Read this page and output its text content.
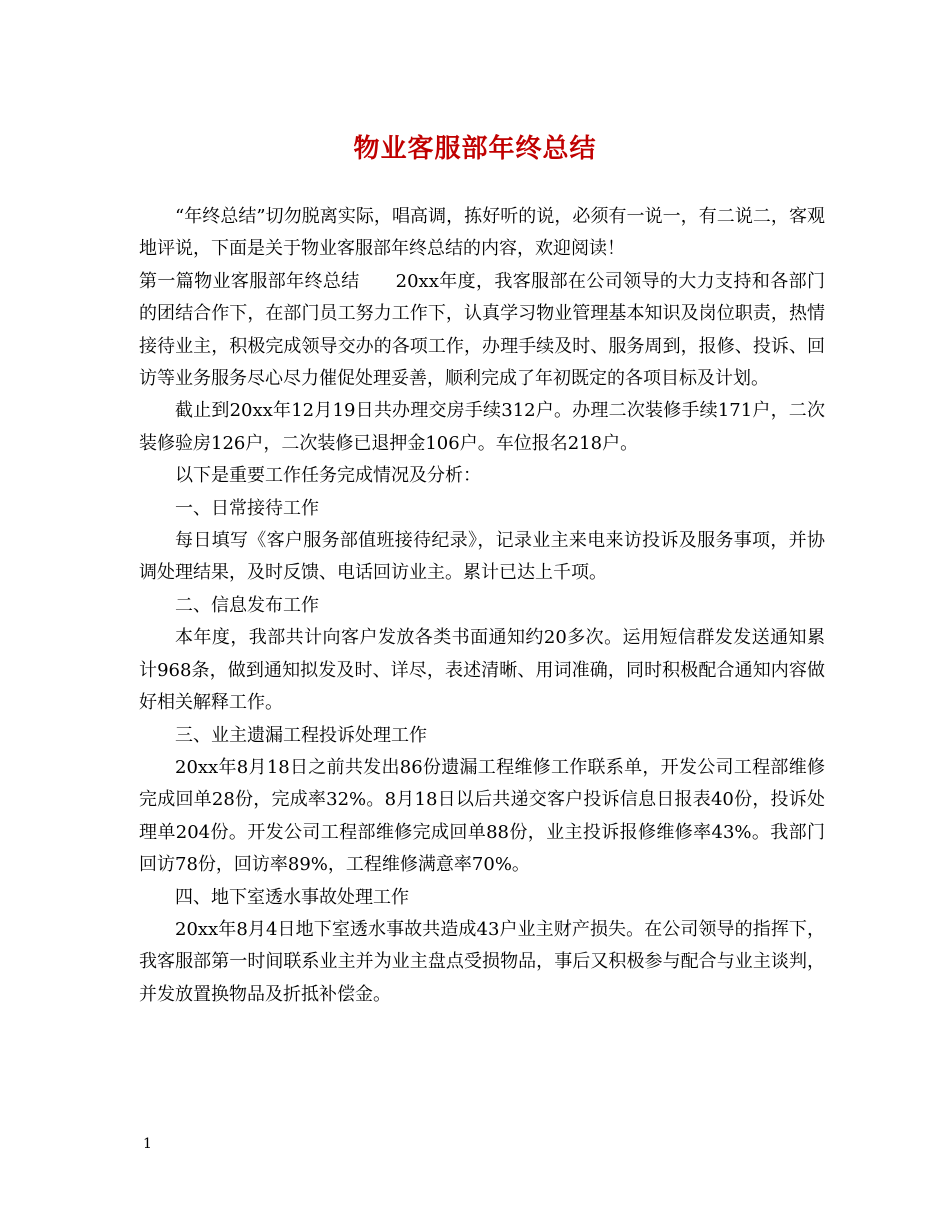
物业客服部年终总结

“年终总结”切勿脱离实际，唱高调，拣好听的说，必须有一说一，有二说二，客观地评说，下面是关于物业客服部年终总结的内容，欢迎阅读！

第一篇物业客服部年终总结 20xx年度，我客服部在公司领导的大力支持和各部门的团结合作下，在部门员工努力工作下，认真学习物业管理基本知识及岗位职责，热情接待业主，积极完成领导交办的各项工作，办理手续及时、服务周到，报修、投诉、回访等业务服务尽心尽力催促处理妥善，顺利完成了年初既定的各项目标及计划。

截止到20xx年12月19日共办理交房手续312户。办理二次装修手续171户，二次装修验房126户，二次装修已退押金106户。车位报名218户。

以下是重要工作任务完成情况及分析：

一、日常接待工作

每日填写《客户服务部值班接待纪录》，记录业主来电来访投诉及服务事项，并协调处理结果，及时反馈、电话回访业主。累计已达上千项。

二、信息发布工作

本年度，我部共计向客户发放各类书面通知约20多次。运用短信群发发送通知累计968条，做到通知拟发及时、详尽，表述清晰、用词准确，同时积极配合通知内容做好相关解释工作。

三、业主遗漏工程投诉处理工作

20xx年8月18日之前共发出86份遗漏工程维修工作联系单，开发公司工程部维修完成回单28份，完成率32%。8月18日以后共递交客户投诉信息日报表40份，投诉处理单204份。开发公司工程部维修完成回单88份，业主投诉报修维修率43%。我部门回访78份，回访率89%，工程维修满意率70%。

四、地下室透水事故处理工作

20xx年8月4日地下室透水事故共造成43户业主财产损失。在公司领导的指挥下，我客服部第一时间联系业主并为业主盘点受损物品，事后又积极参与配合与业主谈判，并发放置换物品及折抵补偿金。

1
